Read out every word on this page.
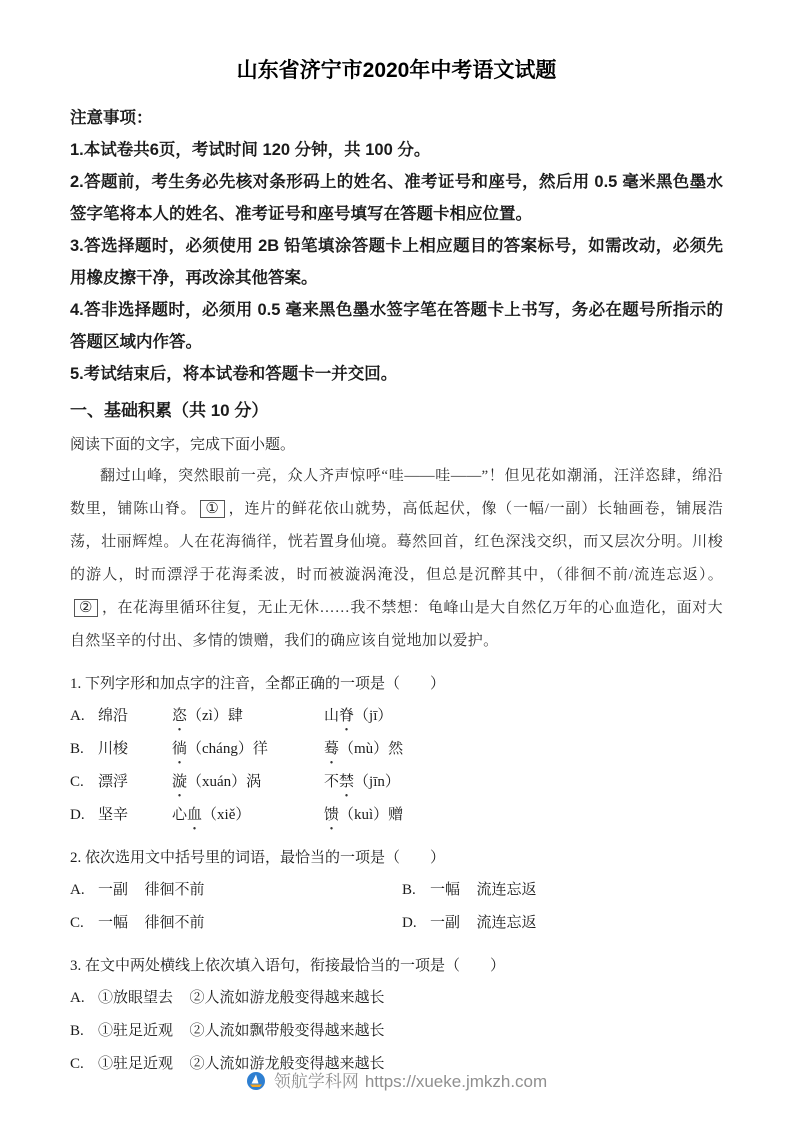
山东省济宁市2020年中考语文试题

注意事项：

1.本试卷共6页，考试时间 120 分钟，共 100 分。

2.答题前，考生务必先核对条形码上的姓名、准考证号和座号，然后用 0.5 毫米黑色墨水签字笔将本人的姓名、准考证号和座号填写在答题卡相应位置。

3.答选择题时，必须使用 2B 铅笔填涂答题卡上相应题目的答案标号，如需改动，必须先用橡皮擦干净，再改涂其他答案。

4.答非选择题时，必须用 0.5 毫来黑色墨水签字笔在答题卡上书写，务必在题号所指示的答题区域内作答。

5.考试结束后，将本试卷和答题卡一并交回。

一、基础积累（共 10 分）

阅读下面的文字，完成下面小题。

翻过山峰，突然眼前一亮，众人齐声惊呼“哇——哇——”！但见花如潮涌，汪洋恣肆，绵沿数里，铺陈山脊。 ① ，连片的鲜花依山就势，高低起伏，像（一幅/一副）长轴画卷，铺展浩荡，壮丽辉煌。人在花海徜徉，恍若置身仙境。蓦然回首，红色深浅交织，而又层次分明。川梭的游人，时而漂浮于花海柔波，时而被漩涡淹没，但总是沉醉其中，（徘徊不前/流连忘返）。② ，在花海里循环往复，无止无休……我不禁想：龟峰山是大自然亿万年的心血造化，面对大自然坚辛的付出、多情的馈赠，我们的确应该自觉地加以爱护。

1. 下列字形和加点字的注音，全都正确的一项是（　　）

A. 绵沿	恣（zì）肆	山脊（jī）
B. 川梭	徜（cháng）徉	蓦（mù）然
C. 漂浮	漩（xuán）涡	不禁（jīn）
D. 坚辛	心血（xiě）	馈（kuì）赠

2. 依次选用文中括号里的词语，最恰当的一项是（　　）

A. 一副 徘徊不前	B. 一幅 流连忘返
C. 一幅 徘徊不前	D. 一副 流连忘返

3. 在文中两处横线上依次填入语句，衔接最恰当的一项是（　　）

A. ①放眼望去 ②人流如游龙般变得越来越长
B. ①驻足近观 ②人流如飘带般变得越来越长
C. ①驻足近观 ②人流如游龙般变得越来越长
领航学科网 https://xueke.jmkzh.com
